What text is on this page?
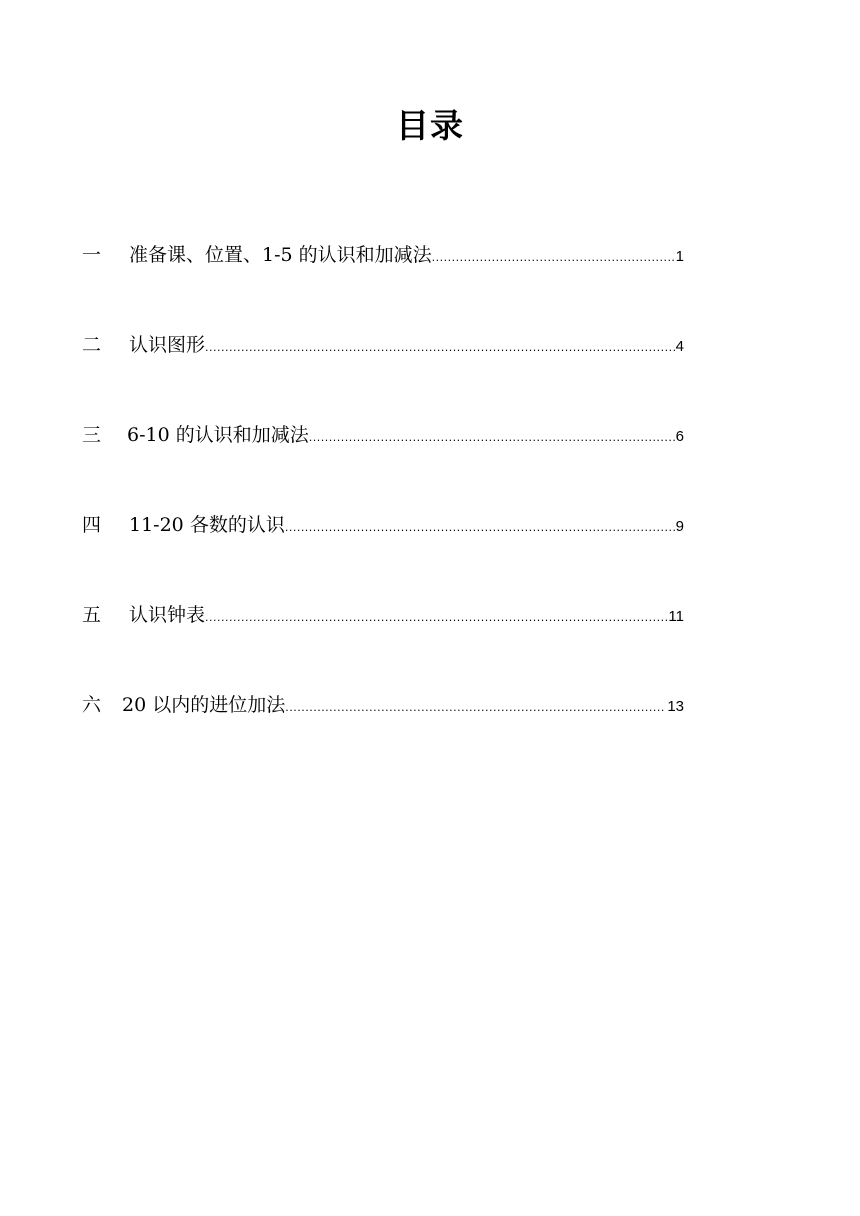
目录
一	准备课、位置、1-5 的认识和加减法 .....	1
二	认识图形 .....	4
三	6-10 的认识和加减法 .....	6
四	11-20 各数的认识 .....	9
五	认识钟表 .....	11
六	20 以内的进位加法 .....	13
